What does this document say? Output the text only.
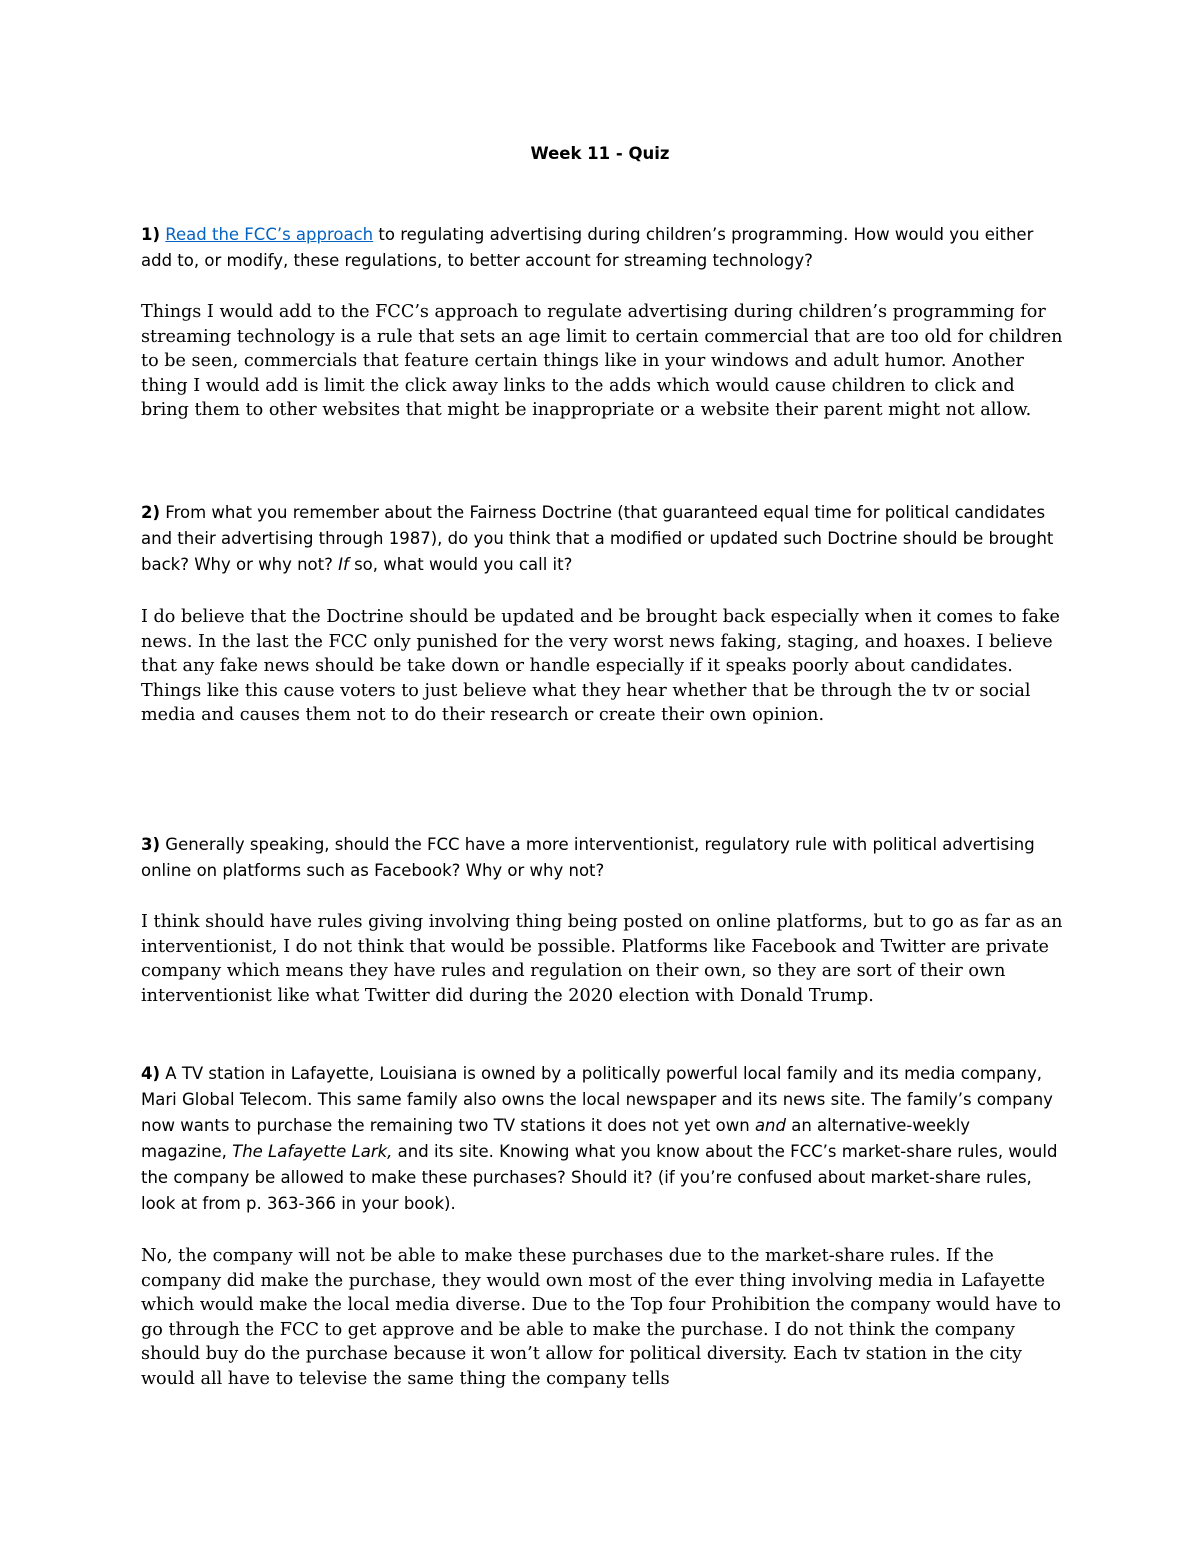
Week 11 - Quiz

1) Read the FCC’s approach to regulating advertising during children’s programming. How would you either add to, or modify, these regulations, to better account for streaming technology?

Things I would add to the FCC’s approach to regulate advertising during children’s programming for streaming technology is a rule that sets an age limit to certain commercial that are too old for children to be seen, commercials that feature certain things like in your windows and adult humor. Another thing I would add is limit the click away links to the adds which would cause children to click and bring them to other websites that might be inappropriate or a website their parent might not allow.

2) From what you remember about the Fairness Doctrine (that guaranteed equal time for political candidates and their advertising through 1987), do you think that a modified or updated such Doctrine should be brought back? Why or why not? If so, what would you call it?

I do believe that the Doctrine should be updated and be brought back especially when it comes to fake news. In the last the FCC only punished for the very worst news faking, staging, and hoaxes. I believe that any fake news should be take down or handle especially if it speaks poorly about candidates. Things like this cause voters to just believe what they hear whether that be through the tv or social media and causes them not to do their research or create their own opinion.

3) Generally speaking, should the FCC have a more interventionist, regulatory rule with political advertising online on platforms such as Facebook? Why or why not?

I think should have rules giving involving thing being posted on online platforms, but to go as far as an interventionist, I do not think that would be possible. Platforms like Facebook and Twitter are private company which means they have rules and regulation on their own, so they are sort of their own interventionist like what Twitter did during the 2020 election with Donald Trump.

4) A TV station in Lafayette, Louisiana is owned by a politically powerful local family and its media company, Mari Global Telecom. This same family also owns the local newspaper and its news site. The family’s company now wants to purchase the remaining two TV stations it does not yet own and an alternative-weekly magazine, The Lafayette Lark, and its site. Knowing what you know about the FCC’s market-share rules, would the company be allowed to make these purchases? Should it? (if you’re confused about market-share rules, look at from p. 363-366 in your book).

No, the company will not be able to make these purchases due to the market-share rules. If the company did make the purchase, they would own most of the ever thing involving media in Lafayette which would make the local media diverse. Due to the Top four Prohibition the company would have to go through the FCC to get approve and be able to make the purchase. I do not think the company should buy do the purchase because it won’t allow for political diversity. Each tv station in the city would all have to televise the same thing the company tells
